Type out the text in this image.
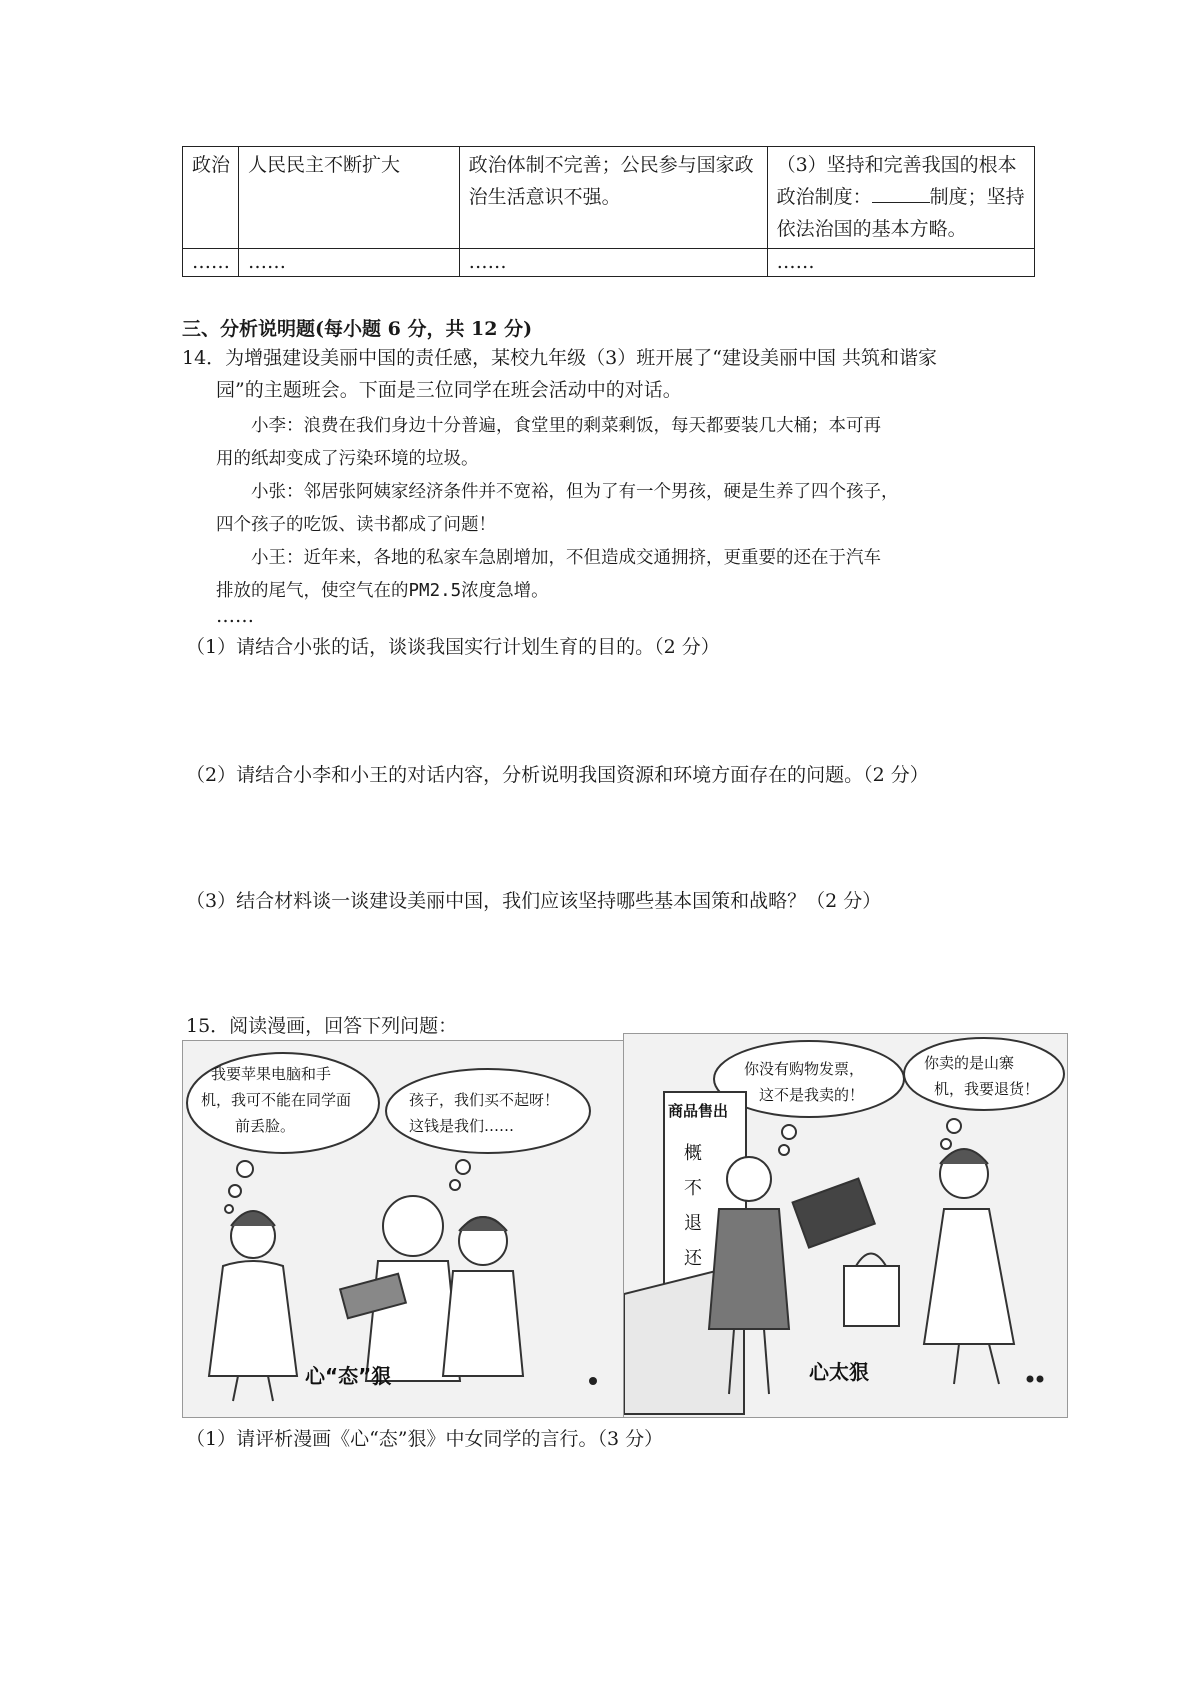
政治	人民民主不断扩大	政治体制不完善；公民参与国家政治生活意识不强。	（3）坚持和完善我国的根本政治制度： 制度；坚持依法治国的基本方略。
……	……	……	……
三、分析说明题(每小题 6 分，共 12 分)
14．为增强建设美丽中国的责任感，某校九年级（3）班开展了“建设美丽中国 共筑和谐家
园”的主题班会。下面是三位同学在班会活动中的对话。
小李：浪费在我们身边十分普遍，食堂里的剩菜剩饭，每天都要装几大桶；本可再
用的纸却变成了污染环境的垃圾。
小张：邻居张阿姨家经济条件并不宽裕，但为了有一个男孩，硬是生养了四个孩子，
四个孩子的吃饭、读书都成了问题！
小王：近年来，各地的私家车急剧增加，不但造成交通拥挤，更重要的还在于汽车
排放的尾气，使空气在的PM2.5浓度急增。
……
（1）请结合小张的话，谈谈我国实行计划生育的目的。（2 分）
（2）请结合小李和小王的对话内容，分析说明我国资源和环境方面存在的问题。（2 分）
（3）结合材料谈一谈建设美丽中国，我们应该坚持哪些基本国策和战略？（2 分）
15．阅读漫画，回答下列问题：
我要苹果电脑和手
机，我可不能在同学面
前丢脸。
孩子，我们买不起呀！
这钱是我们……
心“态”狠
你没有购物发票，
这不是我卖的！
你卖的是山寨
机，我要退货！
商品售出
概
不
退
还
心太狠
（1）请评析漫画《心“态”狠》中女同学的言行。（3 分）
